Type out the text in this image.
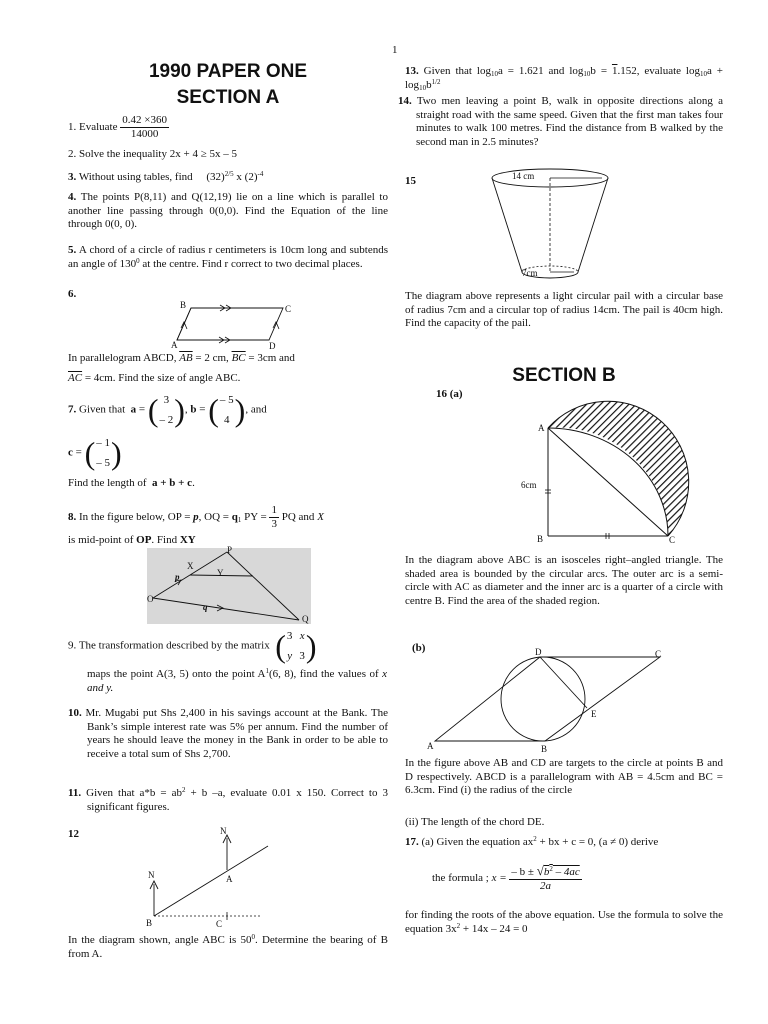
1
1990 PAPER ONE
SECTION A
1. Evaluate $\frac{0.42 \times 360}{14000}$
2. Solve the inequality 2x + 4 ≥ 5x – 5
3. Without using tables, find $(32)^{2/5}$ x $(2)^{-4}$
4. The points P(8,11) and Q(12,19) lie on a line which is parallel to another line passing through 0(0,0). Find the Equation of the line through 0(0, 0).
5. A chord of a circle of radius r centimeters is 10cm long and subtends an angle of $130^0$ at the centre. Find r correct to two decimal places.
6.
B	C
A	D
In parallelogram ABCD, $\overline{AB} = 2$ cm, $\overline{BC} = 3cm$ and
$\overline{AC} = 4cm$. Find the size of angle ABC.
7. Given that a = ( 3
– 2 ) , b = ( – 5
4 ) , and
c = ( – 1
– 5 )
Find the length of a + b + c.
8. In the figure below, OP = p, OQ = $q_1$ PY = $\frac{1}{3}$ PQ and X
is mid-point of OP. Find XY
P
X
Y
O
Q
p
q
9. The transformation described by the matrix ( 3
y
x
3 )
maps the point A(3, 5) onto the point $A^1(6$, 8), find the values of x and y.
10. Mr. Mugabi put Shs 2,400 in his savings account at the Bank. The Bank’s simple interest rate was 5% per annum. Find the number of years he should leave the money in the Bank in order to be able to receive a total sum of Shs 2,700.
11. Given that $a*b = ab^2 + b$ –a, evaluate 0.01 x 150. Correct to 3 significant figures.
12
N
N
A
B	C
In the diagram shown, angle ABC is $50^0$. Determine the bearing of B from A.
13. Given that $\log_{10}a = 1.621$ and $\log_{10}b = 1.152$, evaluate $\log_{10}a + \log_{10}b^{1/2}$
14. Two men leaving a point B, walk in opposite directions along a straight road with the same speed. Given that the first man takes four minutes to walk 100 metres. Find the distance from B walked by the second man in 2.5 minutes?
15	14 cm
7cm
The diagram above represents a light circular pail with a circular base of radius 7cm and a circular top of radius 14cm. The pail is 40cm high. Find the capacity of the pail.
SECTION B
16 (a)
A
B	C
6cm
In the diagram above ABC is an isosceles right–angled triangle. The shaded area is bounded by the circular arcs. The outer arc is a semi-circle with AC as diameter and the inner arc is a quarter of a circle with centre B. Find the area of the shaded region.
(b)	D	C
E
A	B
In the figure above AB and CD are targets to the circle at points B and D respectively. ABCD is a parallelogram with AB = 4.5cm and BC = 6.3cm. Find (i) the radius of the circle
(ii) The length of the chord DE.
17. (a) Given the equation $ax^2$ + bx + c = 0, (a ≠ 0) derive
the formula ; $x = \frac{- b \pm √b^2 - 4ac}{2a}$
for finding the roots of the above equation. Use the formula to solve the equation $3x^2 + 14x - 24 = 0$
